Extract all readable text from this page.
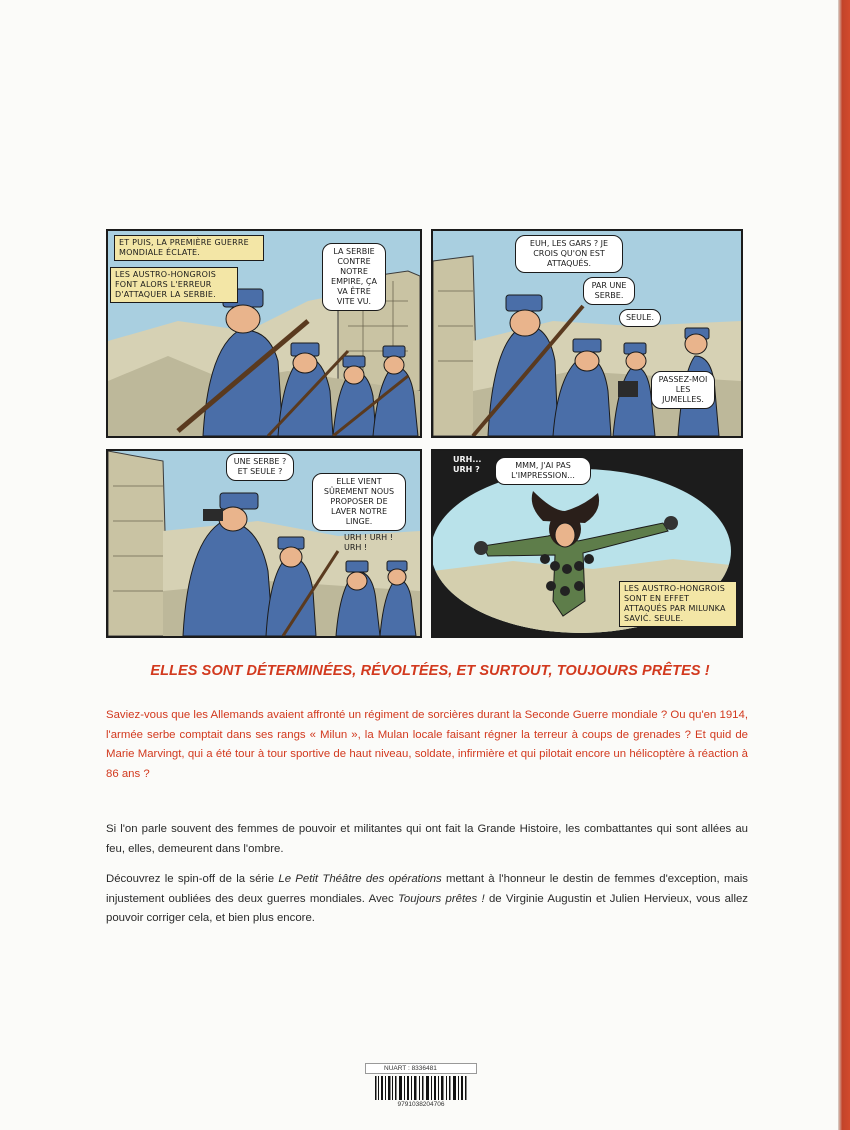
ET PUIS, LA PREMIÈRE GUERRE MONDIALE ÉCLATE.
LES AUSTRO-HONGROIS FONT ALORS L'ERREUR D'ATTAQUER LA SERBIE.
LA SERBIE CONTRE NOTRE EMPIRE, ÇA VA ÊTRE VITE VU.
EUH, LES GARS ? JE CROIS QU'ON EST ATTAQUÉS.
PAR UNE SERBE.
SEULE.
PASSEZ-MOI LES JUMELLES.
UNE SERBE ? ET SEULE ?
ELLE VIENT SÛREMENT NOUS PROPOSER DE LAVER NOTRE LINGE.
URH ! URH ! URH !
URH... URH ?	MMM, J'AI PAS L'IMPRESSION...
LES AUSTRO-HONGROIS SONT EN EFFET ATTAQUÉS PAR MILUNKA SAVIĆ. SEULE.
ELLES SONT DÉTERMINÉES, RÉVOLTÉES, ET SURTOUT, TOUJOURS PRÊTES !
Saviez-vous que les Allemands avaient affronté un régiment de sorcières durant la Seconde Guerre mondiale ? Ou qu'en 1914, l'armée serbe comptait dans ses rangs « Milun », la Mulan locale faisant régner la terreur à coups de grenades ? Et quid de Marie Marvingt, qui a été tour à tour sportive de haut niveau, soldate, infirmière et qui pilotait encore un hélicoptère à réaction à 86 ans ?
Si l'on parle souvent des femmes de pouvoir et militantes qui ont fait la Grande Histoire, les combattantes qui sont allées au feu, elles, demeurent dans l'ombre.
Découvrez le spin-off de la série Le Petit Théâtre des opérations mettant à l'honneur le destin de femmes d'exception, mais injustement oubliées des deux guerres mondiales. Avec Toujours prêtes ! de Virginie Augustin et Julien Hervieux, vous allez pouvoir corriger cela, et bien plus encore.
NUART : 8336481
9791038204706
